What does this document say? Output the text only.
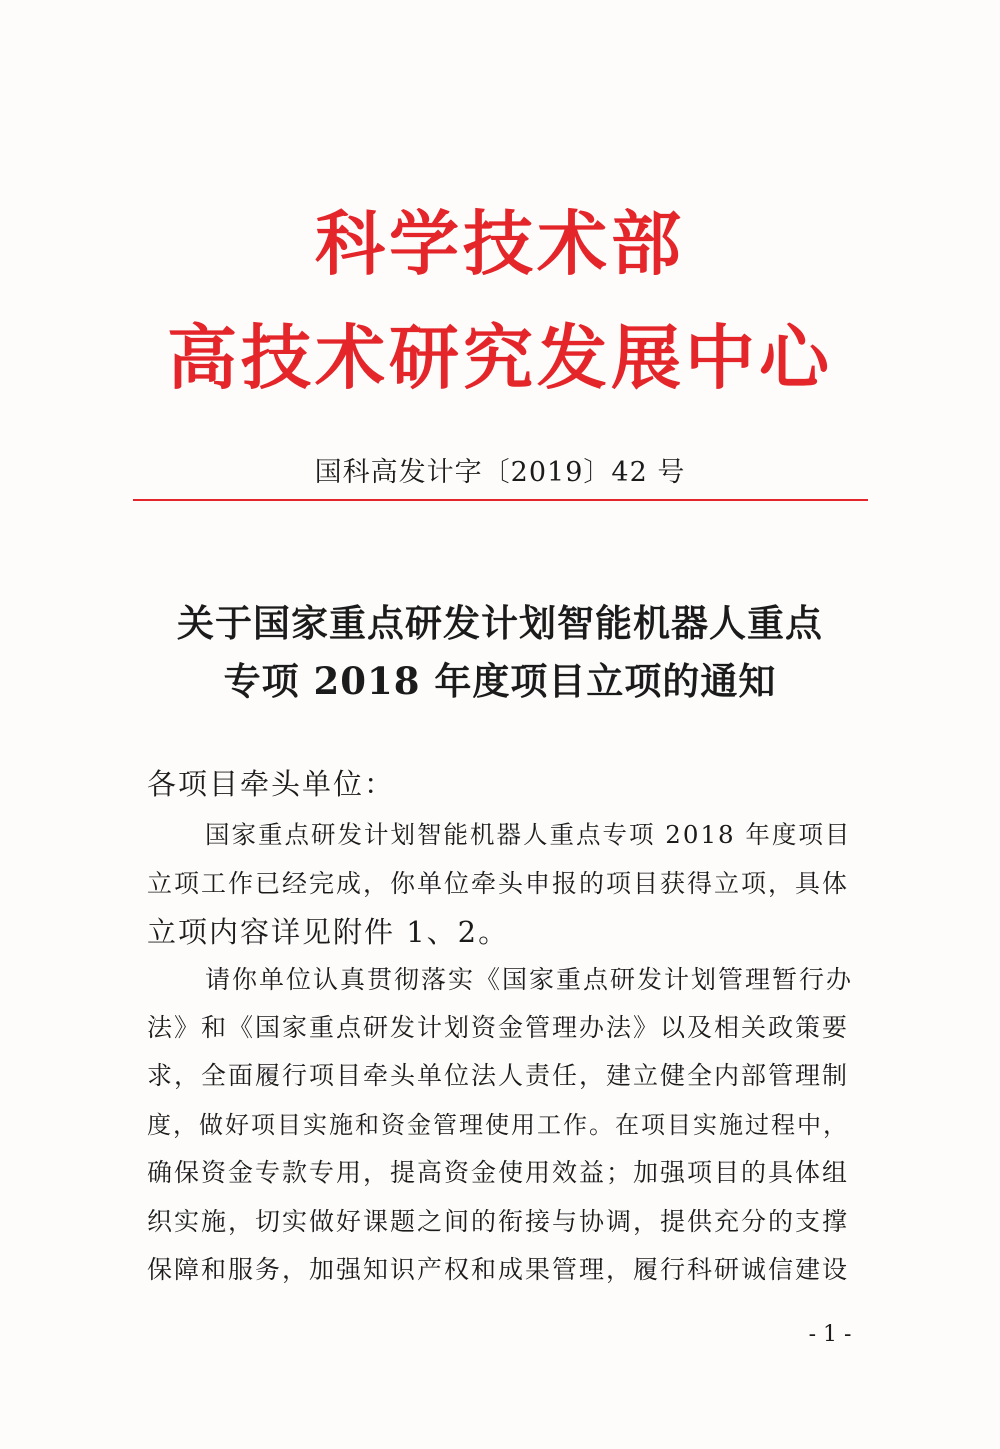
科学技术部
高技术研究发展中心
国科高发计字〔2019〕42 号
关于国家重点研发计划智能机器人重点
专项 2018 年度项目立项的通知
各项目牵头单位：
国家重点研发计划智能机器人重点专项 2018 年度项目
立项工作已经完成，你单位牵头申报的项目获得立项，具体
立项内容详见附件 1、2。
请你单位认真贯彻落实《国家重点研发计划管理暂行办
法》和《国家重点研发计划资金管理办法》以及相关政策要
求，全面履行项目牵头单位法人责任，建立健全内部管理制
度，做好项目实施和资金管理使用工作。在项目实施过程中，
确保资金专款专用，提高资金使用效益；加强项目的具体组
织实施，切实做好课题之间的衔接与协调，提供充分的支撑
保障和服务，加强知识产权和成果管理，履行科研诚信建设
- 1 -
